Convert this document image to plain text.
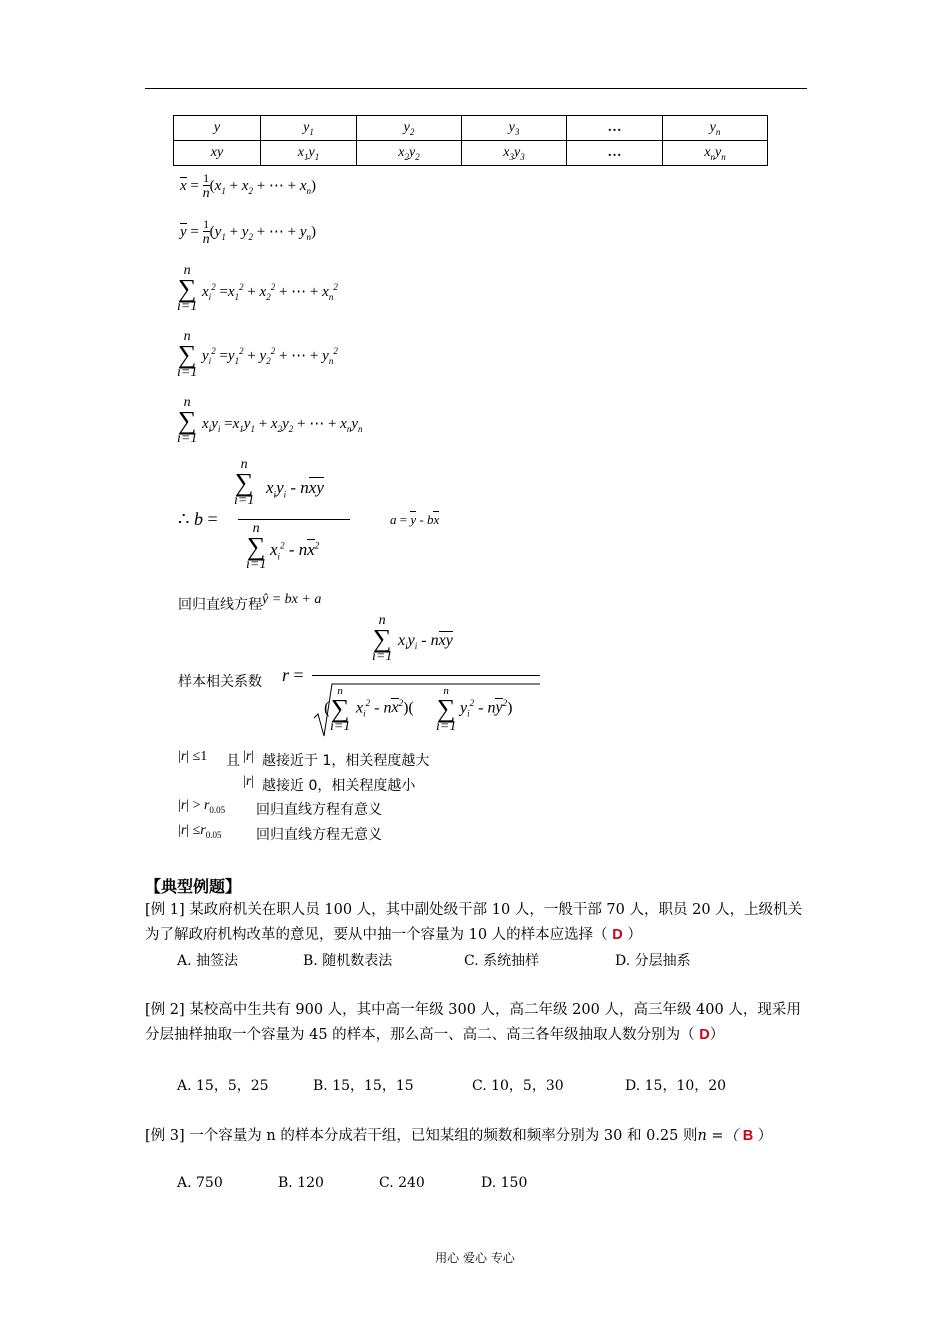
y	$y_1$	$y_2$	$y_3$	…	$y_n$
xy	$x_1y_1$	$x_2y_2$	$x_3y_3$	…	$x_ny_n$
$x = \frac{1}{n} (x_1 + x_2$ + ⋯ + $x_n$)
$y = \frac{1}{n} (y_1 + y_2$ + ⋯ + $y_n$)
n
∑
i=1
$x_i^2 =x_1^2 + x_2^2$ + ⋯ + $x_n^2$
n
∑
i=1
$y_i^2 =y_1^2 + y_2^2$ + ⋯ + $y_n^2$
n
∑
i=1
$x_iy_i =x_1y_1 + x_2y_2$ + ⋯ + $x_ny_n$
∴ b =
n
∑
i=1
$x_iy_i$ - nxy
n
∑
i=1
$x_i^2 - nx^2$
a = y - bx
回归直线方程 ŷ = bx + a
样本相关系数 r =
n
∑
i=1
$x_iy_i$ - nxy
(
n
∑
i=1
$x_i^2 - nx^2$)(
n
∑
i=1
$y_i^2 - ny^2$)
|r| ≤1 且 |r| 越接近于 1，相关程度越大
|r| 越接近 0，相关程度越小
$|r| > r_{0.05}$ 回归直线方程有意义
$|r| \le r_{0.05}$ 回归直线方程无意义
【典型例题】
[例 1] 某政府机关在职人员 100 人，其中副处级干部 10 人，一般干部 70 人，职员 20 人，上级机关为了解政府机构改革的意见，要从中抽一个容量为 10 人的样本应选择（ D ）
A. 抽签法	B. 随机数表法	C. 系统抽样	D. 分层抽系
[例 2] 某校高中生共有 900 人，其中高一年级 300 人，高二年级 200 人，高三年级 400 人，现采用分层抽样抽取一个容量为 45 的样本，那么高一、高二、高三各年级抽取人数分别为（ D）
A. 15，5，25	B. 15，15，15	C. 10，5，30	D. 15，10，20
[例 3] 一个容量为 n 的样本分成若干组，已知某组的频数和频率分别为 30 和 0.25 则n =（ B ）
A. 750	B. 120	C. 240	D. 150
用心 爱心 专心
